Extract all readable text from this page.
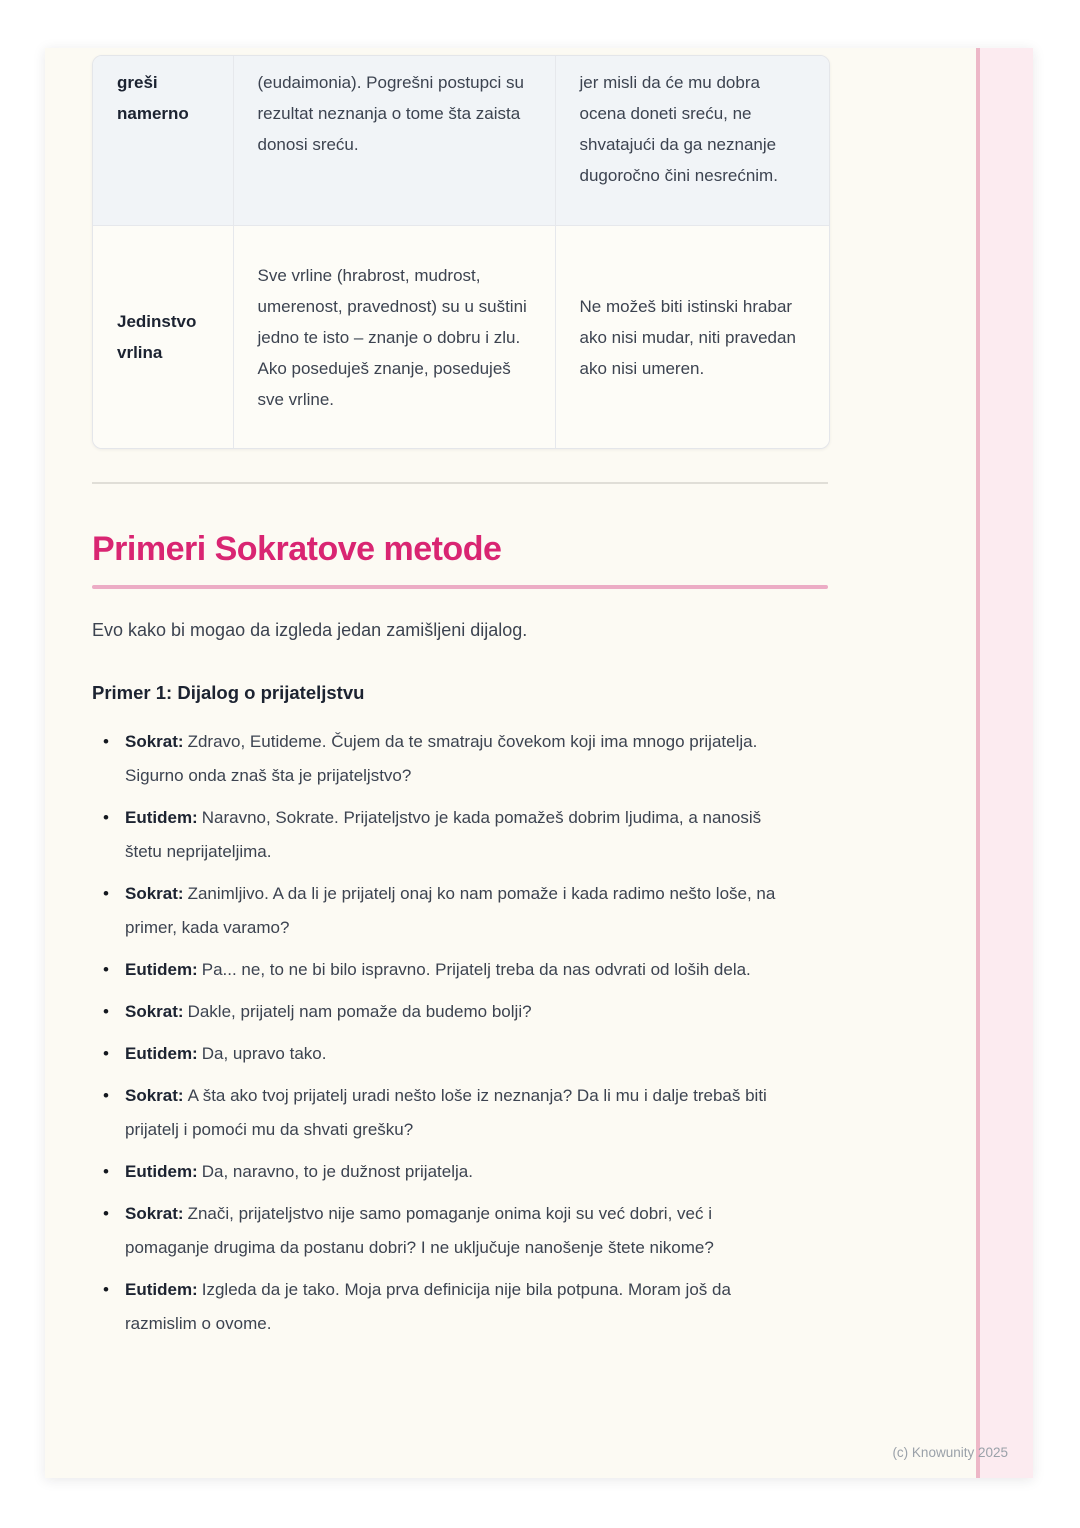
greši namerno	(eudaimonia). Pogrešni postupci su rezultat neznanja o tome šta zaista donosi sreću.	jer misli da će mu dobra ocena doneti sreću, ne shvatajući da ga neznanje dugoročno čini nesrećnim.
Jedinstvo vrlina	Sve vrline (hrabrost, mudrost, umerenost, pravednost) su u suštini jedno te isto – znanje o dobru i zlu. Ako poseduješ znanje, poseduješ sve vrline.	Ne možeš biti istinski hrabar ako nisi mudar, niti pravedan ako nisi umeren.
Primeri Sokratove metode

Evo kako bi mogao da izgleda jedan zamišljeni dijalog.

Primer 1: Dijalog o prijateljstvu
• Sokrat: Zdravo, Eutideme. Čujem da te smatraju čovekom koji ima mnogo prijatelja. Sigurno onda znaš šta je prijateljstvo?
• Eutidem: Naravno, Sokrate. Prijateljstvo je kada pomažeš dobrim ljudima, a nanosiš štetu neprijateljima.
• Sokrat: Zanimljivo. A da li je prijatelj onaj ko nam pomaže i kada radimo nešto loše, na primer, kada varamo?
• Eutidem: Pa... ne, to ne bi bilo ispravno. Prijatelj treba da nas odvrati od loših dela.
• Sokrat: Dakle, prijatelj nam pomaže da budemo bolji?
• Eutidem: Da, upravo tako.
• Sokrat: A šta ako tvoj prijatelj uradi nešto loše iz neznanja? Da li mu i dalje trebaš biti prijatelj i pomoći mu da shvati grešku?
• Eutidem: Da, naravno, to je dužnost prijatelja.
• Sokrat: Znači, prijateljstvo nije samo pomaganje onima koji su već dobri, već i pomaganje drugima da postanu dobri? I ne uključuje nanošenje štete nikome?
• Eutidem: Izgleda da je tako. Moja prva definicija nije bila potpuna. Moram još da razmislim o ovome.
(c) Knowunity 2025
